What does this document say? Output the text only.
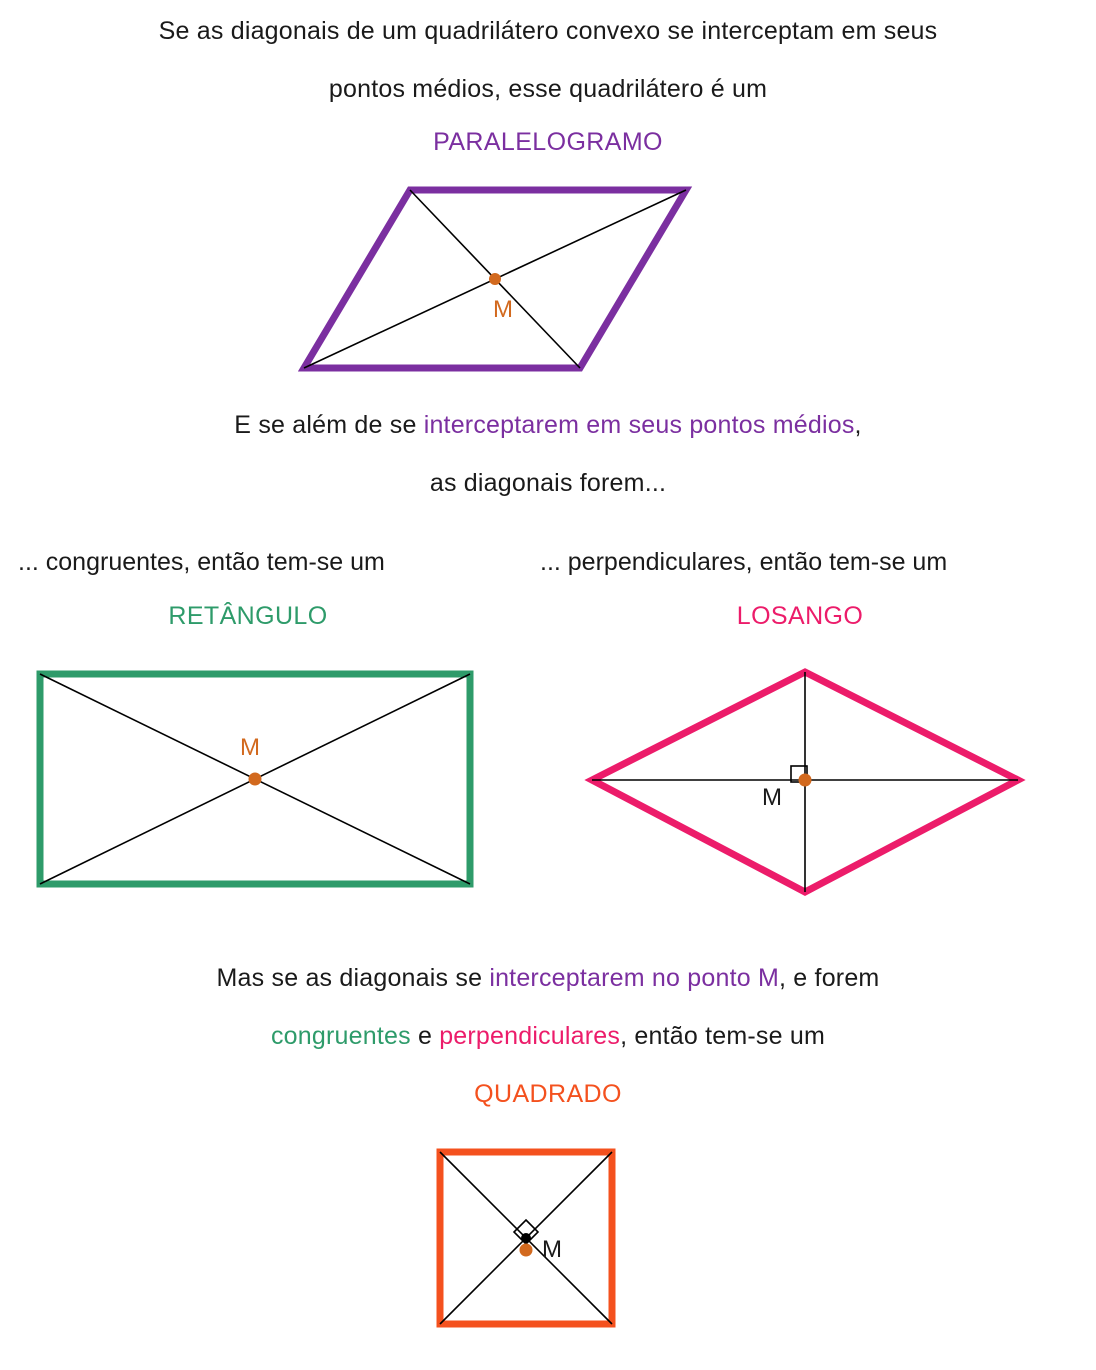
Se as diagonais de um quadrilátero convexo se interceptam em seus
pontos médios, esse quadrilátero é um
PARALELOGRAMO
M
E se além de se interceptarem em seus pontos médios,
as diagonais forem...
... congruentes, então tem-se um	... perpendiculares, então tem-se um
RETÂNGULO	LOSANGO
M
M
Mas se as diagonais se interceptarem no ponto M, e forem
congruentes e perpendiculares, então tem-se um
QUADRADO
M
